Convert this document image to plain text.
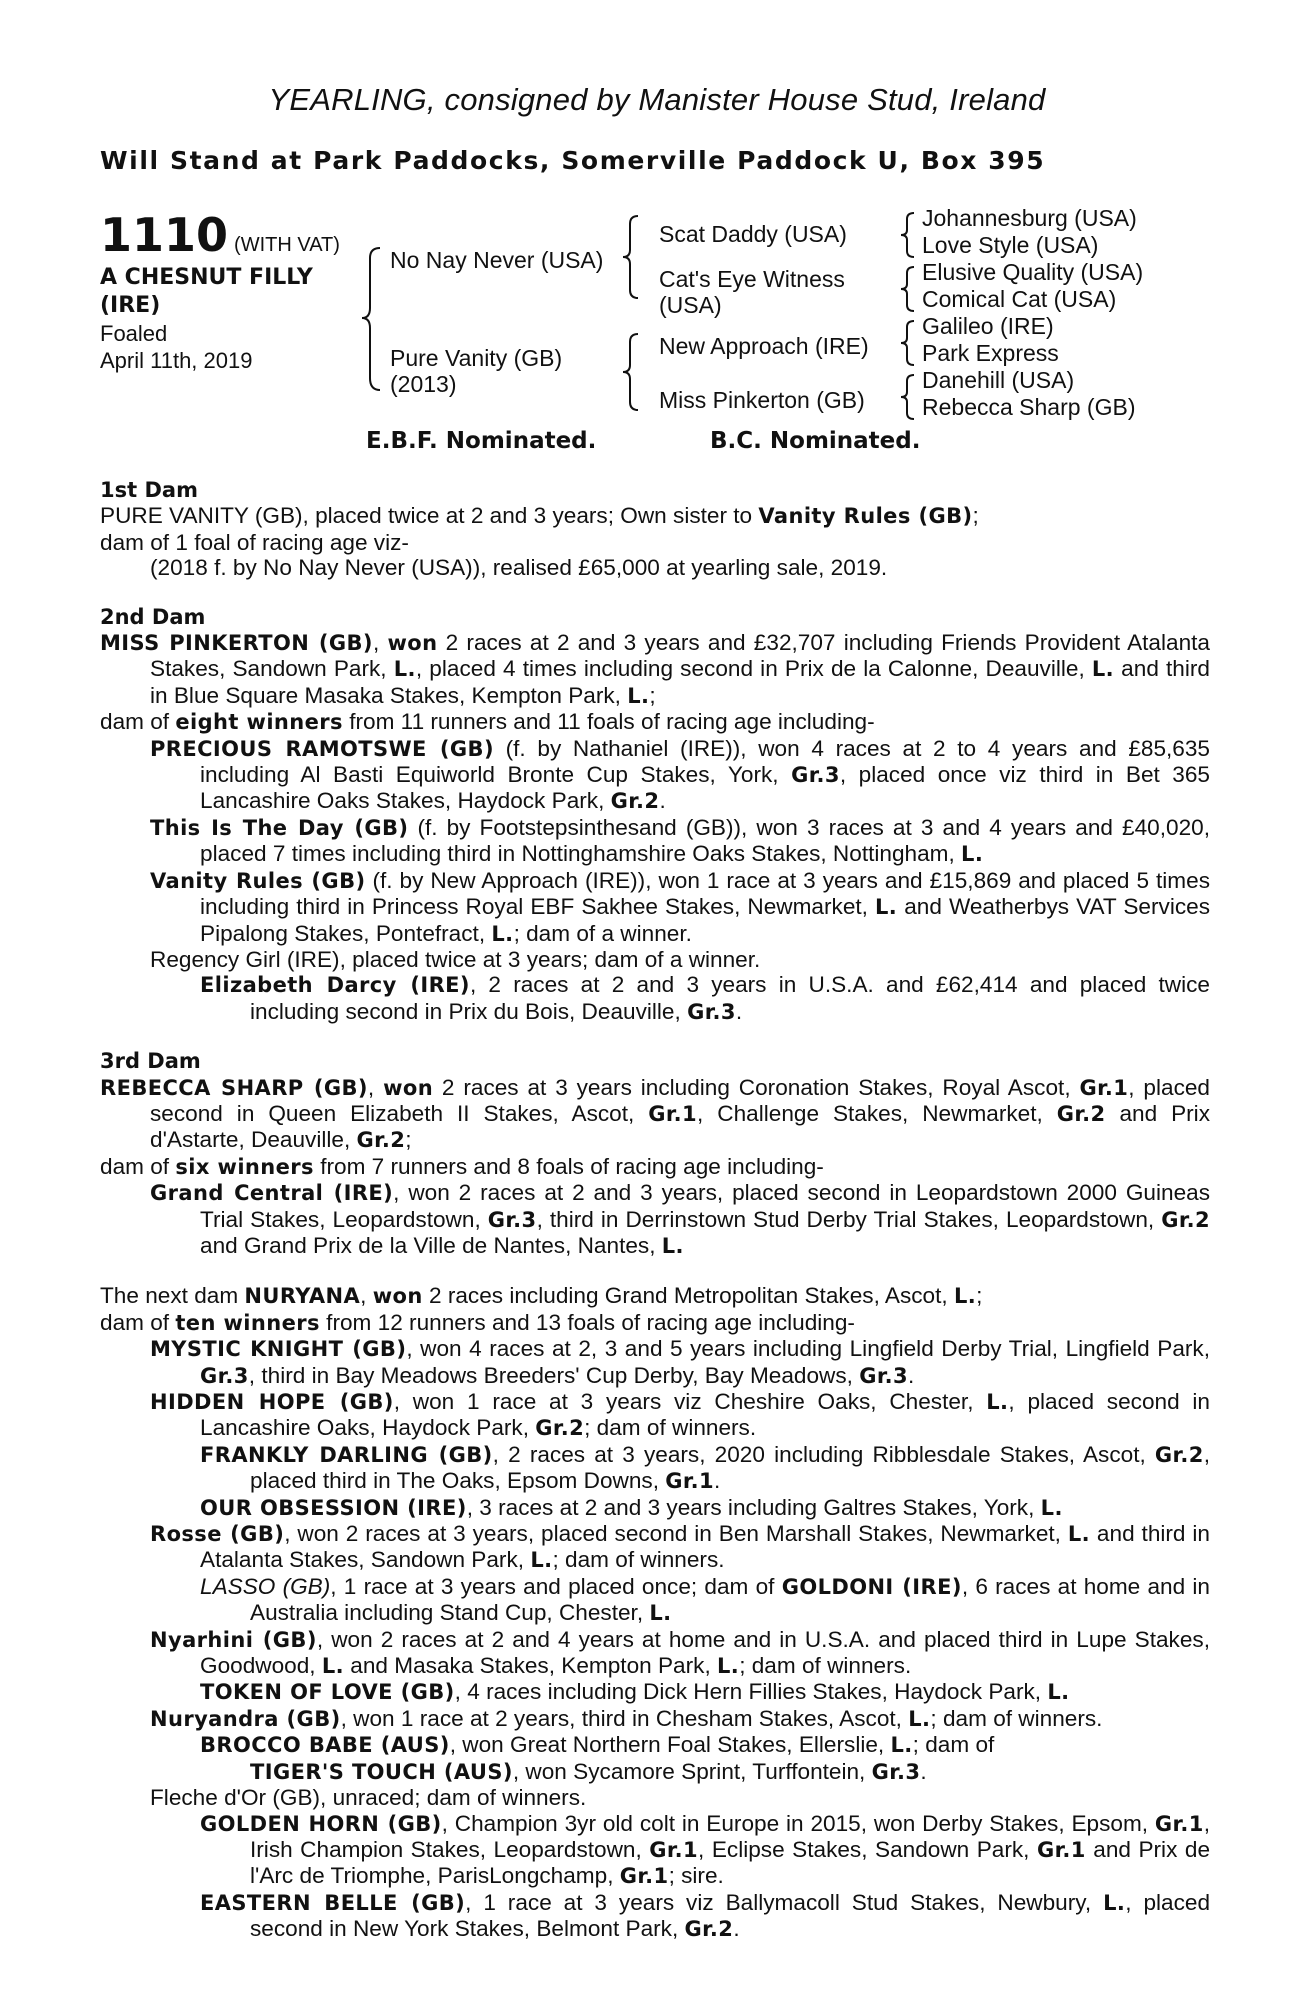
YEARLING, consigned by Manister House Stud, Ireland
Will Stand at Park Paddocks, Somerville Paddock U, Box 395
1110 (WITH VAT)
A CHESNUT FILLY
(IRE)
Foaled
April 11th, 2019
No Nay Never (USA)
Pure Vanity (GB)
(2013)
Scat Daddy (USA)
Cat's Eye Witness
(USA)
New Approach (IRE)
Miss Pinkerton (GB)
Johannesburg (USA)
Love Style (USA)
Elusive Quality (USA)
Comical Cat (USA)
Galileo (IRE)
Park Express
Danehill (USA)
Rebecca Sharp (GB)
E.B.F. Nominated.	B.C. Nominated.
1st Dam
PURE VANITY (GB), placed twice at 2 and 3 years; Own sister to Vanity Rules (GB);
dam of 1 foal of racing age viz-
(2018 f. by No Nay Never (USA)), realised £65,000 at yearling sale, 2019.
2nd Dam
MISS PINKERTON (GB), won 2 races at 2 and 3 years and £32,707 including Friends Provident Atalanta Stakes, Sandown Park, L., placed 4 times including second in Prix de la Calonne, Deauville, L. and third in Blue Square Masaka Stakes, Kempton Park, L.;
dam of eight winners from 11 runners and 11 foals of racing age including-
PRECIOUS RAMOTSWE (GB) (f. by Nathaniel (IRE)), won 4 races at 2 to 4 years and £85,635 including Al Basti Equiworld Bronte Cup Stakes, York, Gr.3, placed once viz third in Bet 365 Lancashire Oaks Stakes, Haydock Park, Gr.2.
This Is The Day (GB) (f. by Footstepsinthesand (GB)), won 3 races at 3 and 4 years and £40,020, placed 7 times including third in Nottinghamshire Oaks Stakes, Nottingham, L.
Vanity Rules (GB) (f. by New Approach (IRE)), won 1 race at 3 years and £15,869 and placed 5 times including third in Princess Royal EBF Sakhee Stakes, Newmarket, L. and Weatherbys VAT Services Pipalong Stakes, Pontefract, L.; dam of a winner.
Regency Girl (IRE), placed twice at 3 years; dam of a winner.
Elizabeth Darcy (IRE), 2 races at 2 and 3 years in U.S.A. and £62,414 and placed twice including second in Prix du Bois, Deauville, Gr.3.
3rd Dam
REBECCA SHARP (GB), won 2 races at 3 years including Coronation Stakes, Royal Ascot, Gr.1, placed second in Queen Elizabeth II Stakes, Ascot, Gr.1, Challenge Stakes, Newmarket, Gr.2 and Prix d'Astarte, Deauville, Gr.2;
dam of six winners from 7 runners and 8 foals of racing age including-
Grand Central (IRE), won 2 races at 2 and 3 years, placed second in Leopardstown 2000 Guineas Trial Stakes, Leopardstown, Gr.3, third in Derrinstown Stud Derby Trial Stakes, Leopardstown, Gr.2 and Grand Prix de la Ville de Nantes, Nantes, L.
The next dam NURYANA, won 2 races including Grand Metropolitan Stakes, Ascot, L.;
dam of ten winners from 12 runners and 13 foals of racing age including-
MYSTIC KNIGHT (GB), won 4 races at 2, 3 and 5 years including Lingfield Derby Trial, Lingfield Park, Gr.3, third in Bay Meadows Breeders' Cup Derby, Bay Meadows, Gr.3.
HIDDEN HOPE (GB), won 1 race at 3 years viz Cheshire Oaks, Chester, L., placed second in Lancashire Oaks, Haydock Park, Gr.2; dam of winners.
FRANKLY DARLING (GB), 2 races at 3 years, 2020 including Ribblesdale Stakes, Ascot, Gr.2, placed third in The Oaks, Epsom Downs, Gr.1.
OUR OBSESSION (IRE), 3 races at 2 and 3 years including Galtres Stakes, York, L.
Rosse (GB), won 2 races at 3 years, placed second in Ben Marshall Stakes, Newmarket, L. and third in Atalanta Stakes, Sandown Park, L.; dam of winners.
LASSO (GB), 1 race at 3 years and placed once; dam of GOLDONI (IRE), 6 races at home and in Australia including Stand Cup, Chester, L.
Nyarhini (GB), won 2 races at 2 and 4 years at home and in U.S.A. and placed third in Lupe Stakes, Goodwood, L. and Masaka Stakes, Kempton Park, L.; dam of winners.
TOKEN OF LOVE (GB), 4 races including Dick Hern Fillies Stakes, Haydock Park, L.
Nuryandra (GB), won 1 race at 2 years, third in Chesham Stakes, Ascot, L.; dam of winners.
BROCCO BABE (AUS), won Great Northern Foal Stakes, Ellerslie, L.; dam of
TIGER'S TOUCH (AUS), won Sycamore Sprint, Turffontein, Gr.3.
Fleche d'Or (GB), unraced; dam of winners.
GOLDEN HORN (GB), Champion 3yr old colt in Europe in 2015, won Derby Stakes, Epsom, Gr.1, Irish Champion Stakes, Leopardstown, Gr.1, Eclipse Stakes, Sandown Park, Gr.1 and Prix de l'Arc de Triomphe, ParisLongchamp, Gr.1; sire.
EASTERN BELLE (GB), 1 race at 3 years viz Ballymacoll Stud Stakes, Newbury, L., placed second in New York Stakes, Belmont Park, Gr.2.
